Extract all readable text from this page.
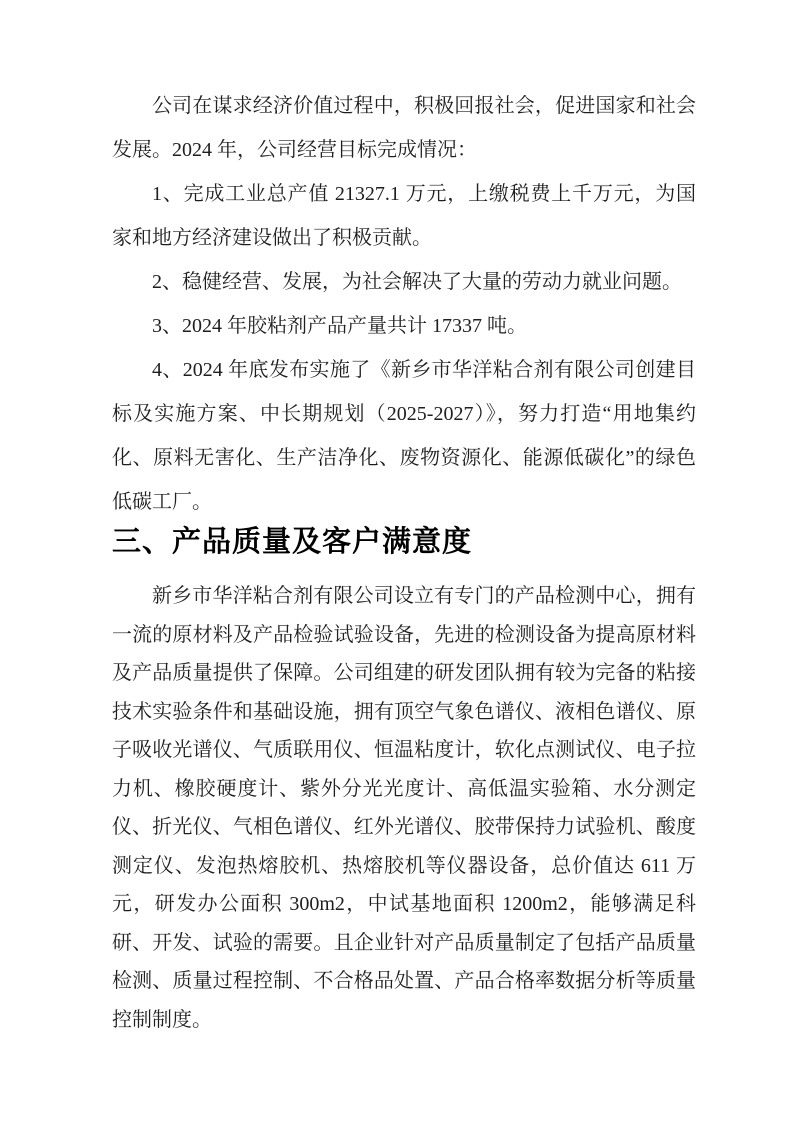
公司在谋求经济价值过程中，积极回报社会，促进国家和社会发展。2024 年，公司经营目标完成情况：

1、完成工业总产值 21327.1 万元，上缴税费上千万元，为国家和地方经济建设做出了积极贡献。

2、稳健经营、发展，为社会解决了大量的劳动力就业问题。

3、2024 年胶粘剂产品产量共计 17337 吨。

4、2024 年底发布实施了《新乡市华洋粘合剂有限公司创建目标及实施方案、中长期规划（2025-2027）》，努力打造“用地集约化、原料无害化、生产洁净化、废物资源化、能源低碳化”的绿色低碳工厂。

三、产品质量及客户满意度

新乡市华洋粘合剂有限公司设立有专门的产品检测中心，拥有一流的原材料及产品检验试验设备，先进的检测设备为提高原材料及产品质量提供了保障。公司组建的研发团队拥有较为完备的粘接技术实验条件和基础设施，拥有顶空气象色谱仪、液相色谱仪、原子吸收光谱仪、气质联用仪、恒温粘度计，软化点测试仪、电子拉力机、橡胶硬度计、紫外分光光度计、高低温实验箱、水分测定仪、折光仪、气相色谱仪、红外光谱仪、胶带保持力试验机、酸度测定仪、发泡热熔胶机、热熔胶机等仪器设备，总价值达 611 万元，研发办公面积 300m2，中试基地面积 1200m2，能够满足科研、开发、试验的需要。且企业针对产品质量制定了包括产品质量检测、质量过程控制、不合格品处置、产品合格率数据分析等质量控制制度。
